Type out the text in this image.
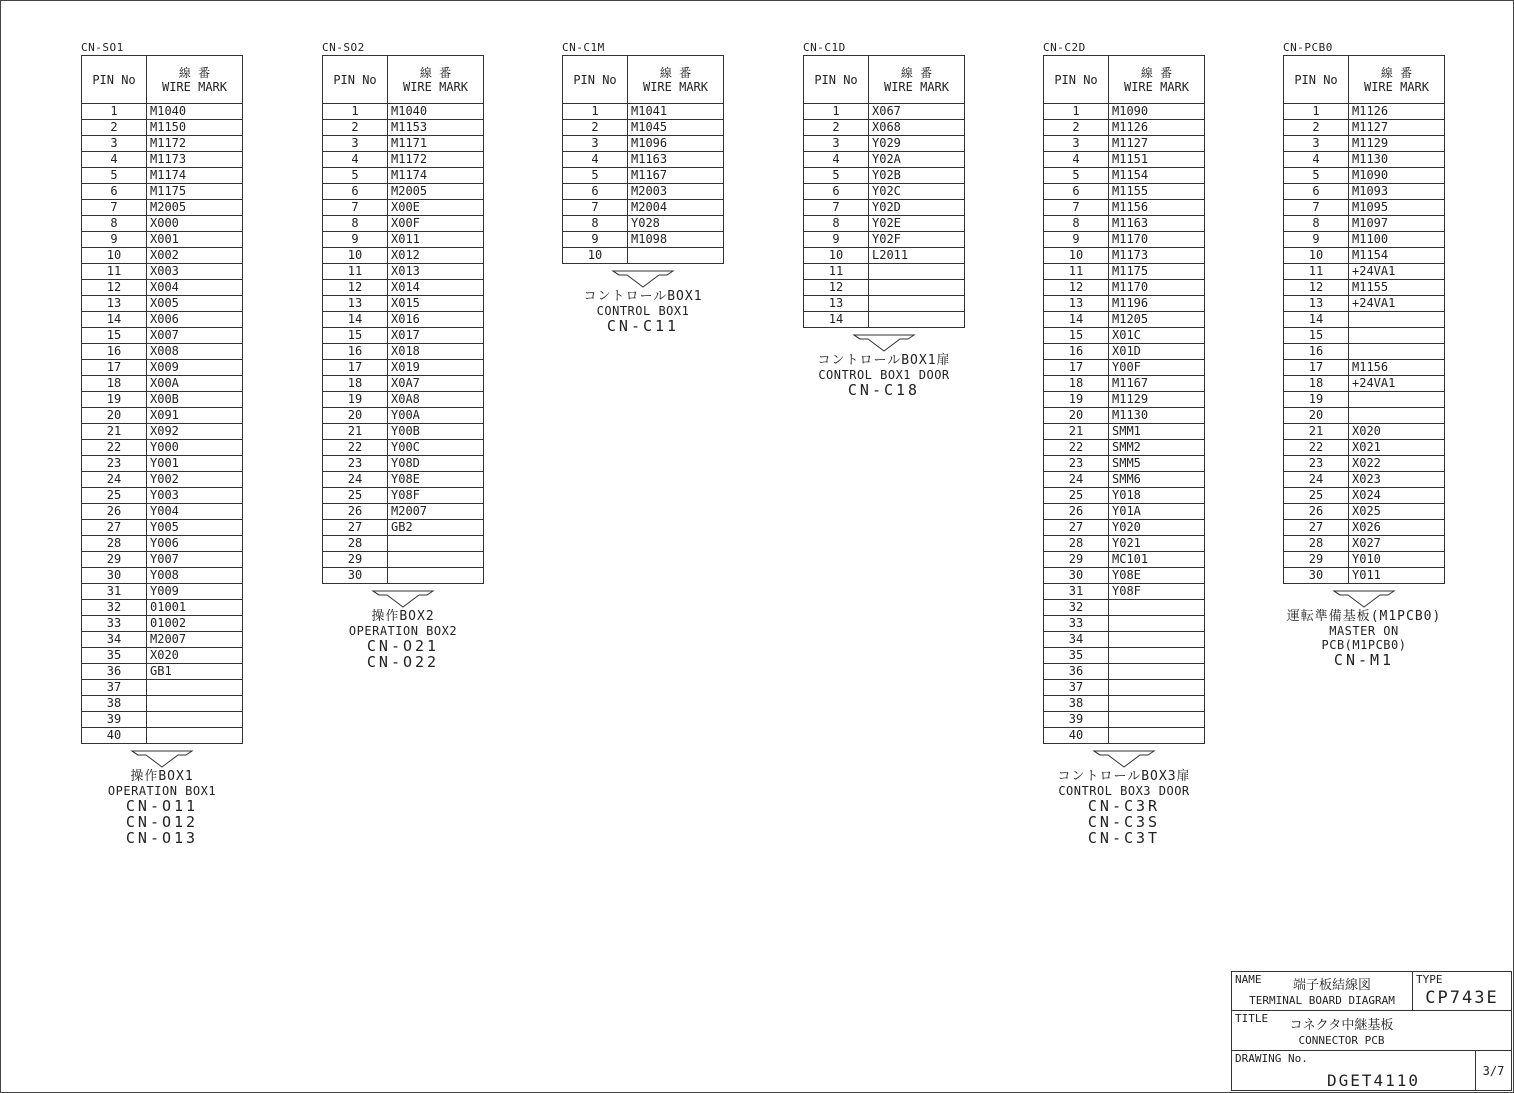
CN-SO1
PIN No	線 番
WIRE MARK

1	M1040
2	M1150
3	M1172
4	M1173
5	M1174
6	M1175
7	M2005
8	X000
9	X001
10	X002
11	X003
12	X004
13	X005
14	X006
15	X007
16	X008
17	X009
18	X00A
19	X00B
20	X091
21	X092
22	Y000
23	Y001
24	Y002
25	Y003
26	Y004
27	Y005
28	Y006
29	Y007
30	Y008
31	Y009
32	01001
33	01002
34	M2007
35	X020
36	GB1
37	
38	
39	
40	
操作BOX1
OPERATION BOX1
CN-O11
CN-O12
CN-O13
CN-SO2
PIN No	線 番
WIRE MARK

1	M1040
2	M1153
3	M1171
4	M1172
5	M1174
6	M2005
7	X00E
8	X00F
9	X011
10	X012
11	X013
12	X014
13	X015
14	X016
15	X017
16	X018
17	X019
18	X0A7
19	X0A8
20	Y00A
21	Y00B
22	Y00C
23	Y08D
24	Y08E
25	Y08F
26	M2007
27	GB2
28	
29	
30	
操作BOX2
OPERATION BOX2
CN-O21
CN-O22
CN-C1M
PIN No	線 番
WIRE MARK

1	M1041
2	M1045
3	M1096
4	M1163
5	M1167
6	M2003
7	M2004
8	Y028
9	M1098
10	
コントロールBOX1
CONTROL BOX1
CN-C11
CN-C1D
PIN No	線 番
WIRE MARK

1	X067
2	X068
3	Y029
4	Y02A
5	Y02B
6	Y02C
7	Y02D
8	Y02E
9	Y02F
10	L2011
11	
12	
13	
14	
コントロールBOX1扉
CONTROL BOX1 DOOR
CN-C18
CN-C2D
PIN No	線 番
WIRE MARK

1	M1090
2	M1126
3	M1127
4	M1151
5	M1154
6	M1155
7	M1156
8	M1163
9	M1170
10	M1173
11	M1175
12	M1170
13	M1196
14	M1205
15	X01C
16	X01D
17	Y00F
18	M1167
19	M1129
20	M1130
21	SMM1
22	SMM2
23	SMM5
24	SMM6
25	Y018
26	Y01A
27	Y020
28	Y021
29	MC101
30	Y08E
31	Y08F
32	
33	
34	
35	
36	
37	
38	
39	
40	
コントロールBOX3扉
CONTROL BOX3 DOOR
CN-C3R
CN-C3S
CN-C3T
CN-PCB0
PIN No	線 番
WIRE MARK

1	M1126
2	M1127
3	M1129
4	M1130
5	M1090
6	M1093
7	M1095
8	M1097
9	M1100
10	M1154
11	+24VA1
12	M1155
13	+24VA1
14	
15	
16	
17	M1156
18	+24VA1
19	
20	
21	X020
22	X021
23	X022
24	X023
25	X024
26	X025
27	X026
28	X027
29	Y010
30	Y011
運転準備基板(M1PCB0)
MASTER ON PCB(M1PCB0)
CN-M1
NAME	端子板結線図
TERMINAL BOARD DIAGRAM
TYPE
CP743E
TITLE	コネクタ中継基板
CONNECTOR PCB
DRAWING No.
DGET4110	3/7
